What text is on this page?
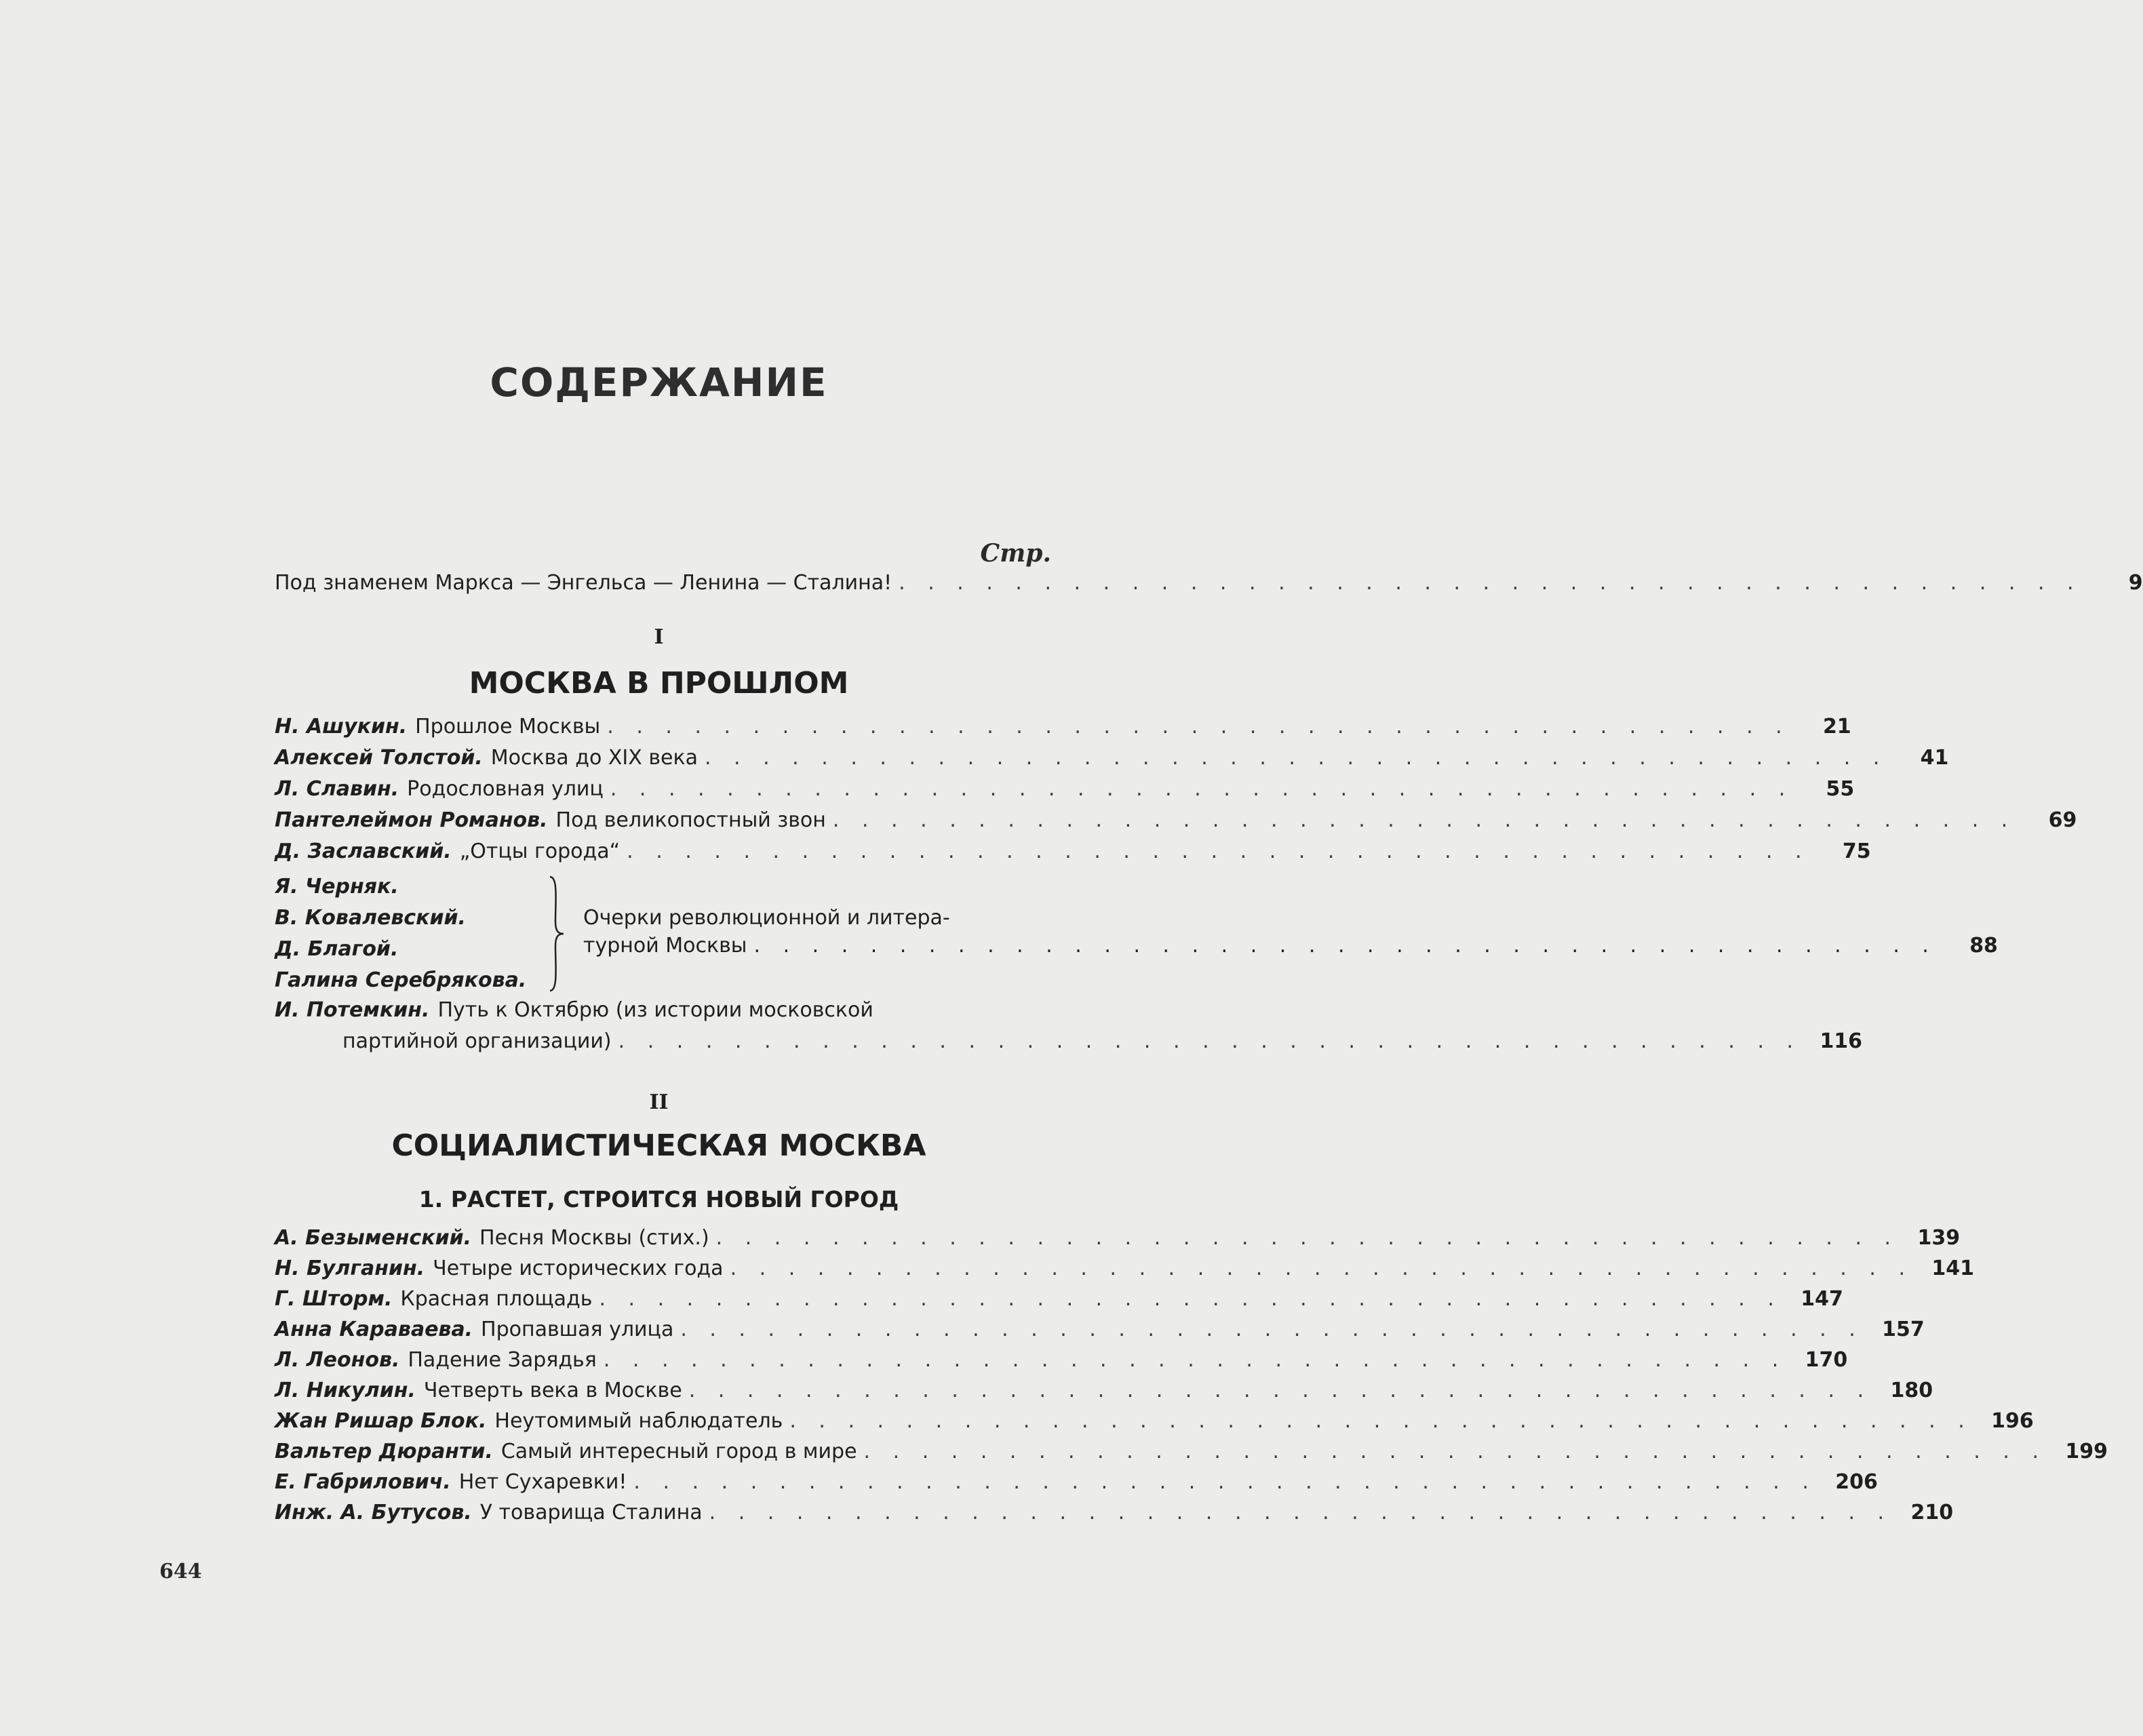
СОДЕРЖАНИЕ
Стр.
Под знаменем Маркса — Энгельса — Ленина — Сталина! . . . . . . . . . . . . . . . . . . . . . . . . . . . . . . . . . . . . . . . . .	9
I
МОСКВА В ПРОШЛОМ
Н. Ашукин. Прошлое Москвы . . . . . . . . . . . . . . . . . . . . . . . . . . . . . . . . . . . . . . . . .	21
Алексей Толстой. Москва до XIX века . . . . . . . . . . . . . . . . . . . . . . . . . . . . . . . . . . . . . . . . .	41
Л. Славин. Родословная улиц . . . . . . . . . . . . . . . . . . . . . . . . . . . . . . . . . . . . . . . . .	55
Пантелеймон Романов. Под великопостный звон . . . . . . . . . . . . . . . . . . . . . . . . . . . . . . . . . . . . . . . . .	69
Д. Заславский. „Отцы города“ . . . . . . . . . . . . . . . . . . . . . . . . . . . . . . . . . . . . . . . . .	75
Я. Черняк.
В. Ковалевский.
Д. Благой.
Галина Серебрякова.
Очерки революционной и литера-
турной Москвы . . . . . . . . . . . . . . . . . . . . . . . . . . . . . . . . . . . . . . . . .	88
И. Потемкин. Путь к Октябрю (из истории московской
партийной организации) . . . . . . . . . . . . . . . . . . . . . . . . . . . . . . . . . . . . . . . . . 116
II
СОЦИАЛИСТИЧЕСКАЯ МОСКВА
1. РАСТЕТ, СТРОИТСЯ НОВЫЙ ГОРОД
А. Безыменский. Песня Москвы (стих.) . . . . . . . . . . . . . . . . . . . . . . . . . . . . . . . . . . . . . . . . . 139
Н. Булганин. Четыре исторических года . . . . . . . . . . . . . . . . . . . . . . . . . . . . . . . . . . . . . . . . . 141
Г. Шторм. Красная площадь . . . . . . . . . . . . . . . . . . . . . . . . . . . . . . . . . . . . . . . . . 147
Анна Караваева. Пропавшая улица . . . . . . . . . . . . . . . . . . . . . . . . . . . . . . . . . . . . . . . . . 157
Л. Леонов. Падение Зарядья . . . . . . . . . . . . . . . . . . . . . . . . . . . . . . . . . . . . . . . . . 170
Л. Никулин. Четверть века в Москве . . . . . . . . . . . . . . . . . . . . . . . . . . . . . . . . . . . . . . . . . 180
Жан Ришар Блок. Неутомимый наблюдатель . . . . . . . . . . . . . . . . . . . . . . . . . . . . . . . . . . . . . . . . . 196
Вальтер Дюранти. Самый интересный город в мире . . . . . . . . . . . . . . . . . . . . . . . . . . . . . . . . . . . . . . . . . 199
Е. Габрилович. Нет Сухаревки! . . . . . . . . . . . . . . . . . . . . . . . . . . . . . . . . . . . . . . . . . 206
Инж. А. Бутусов. У товарища Сталина . . . . . . . . . . . . . . . . . . . . . . . . . . . . . . . . . . . . . . . . . 210
644
